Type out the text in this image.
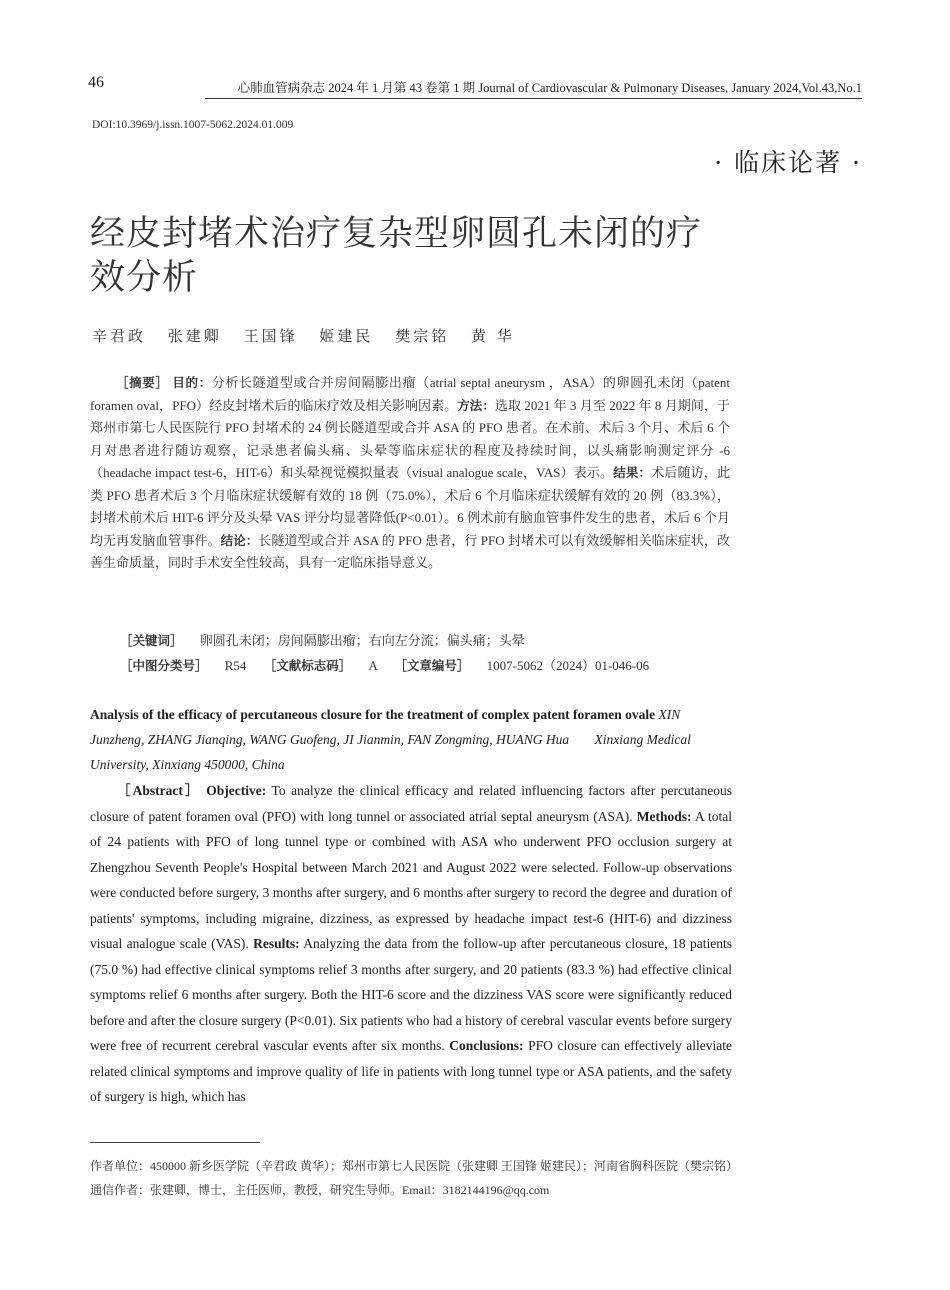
46	心肺血管病杂志 2024 年 1 月第 43 卷第 1 期 Journal of Cardiovascular & Pulmonary Diseases, January 2024,Vol.43,No.1
DOI:10.3969/j.issn.1007-5062.2024.01.009
· 临床论著 ·
经皮封堵术治疗复杂型卵圆孔未闭的疗效分析
辛君政 张建卿 王国锋 姬建民 樊宗铭 黄 华

［摘要］ 目的：分析长隧道型或合并房间隔膨出瘤（atrial septal aneurysm ，ASA）的卵圆孔未闭（patent foramen oval，PFO）经皮封堵术后的临床疗效及相关影响因素。方法：选取 2021 年 3 月至 2022 年 8 月期间，于郑州市第七人民医院行 PFO 封堵术的 24 例长隧道型或合并 ASA 的 PFO 患者。在术前、术后 3 个月、术后 6 个月对患者进行随访观察，记录患者偏头痛、头晕等临床症状的程度及持续时间，以头痛影响测定评分 -6（headache impact test-6，HIT-6）和头晕视觉模拟量表（visual analogue scale，VAS）表示。结果：术后随访，此类 PFO 患者术后 3 个月临床症状缓解有效的 18 例（75.0%），术后 6 个月临床症状缓解有效的 20 例（83.3%），封堵术前术后 HIT-6 评分及头晕 VAS 评分均显著降低(P<0.01）。6 例术前有脑血管事件发生的患者，术后 6 个月均无再发脑血管事件。结论：长隧道型或合并 ASA 的 PFO 患者，行 PFO 封堵术可以有效缓解相关临床症状，改善生命质量，同时手术安全性较高，具有一定临床指导意义。

［关键词］ 卵圆孔未闭；房间隔膨出瘤；右向左分流；偏头痛；头晕
［中图分类号］ R54 ［文献标志码］ A ［文章编号］ 1007-5062（2024）01-046-06
Analysis of the efficacy of percutaneous closure for the treatment of complex patent foramen ovale XIN Junzheng, ZHANG Jianqing, WANG Guofeng, JI Jianmin, FAN Zongming, HUANG Hua Xinxiang Medical University, Xinxiang 450000, China

［Abstract］ Objective: To analyze the clinical efficacy and related influencing factors after percutaneous closure of patent foramen oval (PFO) with long tunnel or associated atrial septal aneurysm (ASA). Methods: A total of 24 patients with PFO of long tunnel type or combined with ASA who underwent PFO occlusion surgery at Zhengzhou Seventh People's Hospital between March 2021 and August 2022 were selected. Follow-up observations were conducted before surgery, 3 months after surgery, and 6 months after surgery to record the degree and duration of patients' symptoms, including migraine, dizziness, as expressed by headache impact test-6 (HIT-6) and dizziness visual analogue scale (VAS). Results: Analyzing the data from the follow-up after percutaneous closure, 18 patients (75.0 %) had effective clinical symptoms relief 3 months after surgery, and 20 patients (83.3 %) had effective clinical symptoms relief 6 months after surgery. Both the HIT-6 score and the dizziness VAS score were significantly reduced before and after the closure surgery (P<0.01). Six patients who had a history of cerebral vascular events before surgery were free of recurrent cerebral vascular events after six months. Conclusions: PFO closure can effectively alleviate related clinical symptoms and improve quality of life in patients with long tunnel type or ASA patients, and the safety of surgery is high, which has

作者单位：450000 新乡医学院（辛君政 黄华）；郑州市第七人民医院（张建卿 王国锋 姬建民）；河南省胸科医院（樊宗铭）
通信作者：张建卿，博士，主任医师，教授，研究生导师。Email：3182144196@qq.com
